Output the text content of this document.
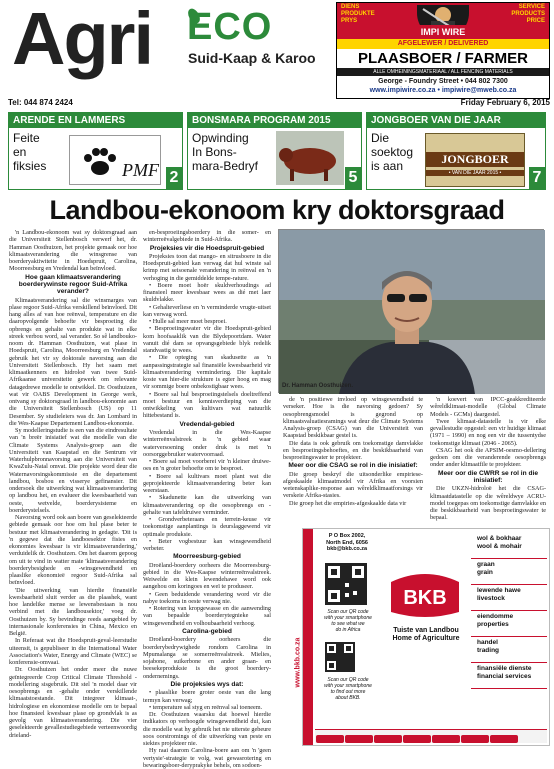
Agri ECO
Suid-Kaap & Karoo
DIENS
PRODUKTE
PRYS
SERVICE
PRODUCTS
PRICE
IMPI WIRE
AFGELEWER / DELIVERED
PLAASBOER / FARMER
ALLE OMHEININGSMATERIAAL / ALL FENCING MATERIALS
George - Foundry Street • 044 802 7300
www.impiwire.co.za • impiwire@mweb.co.za
Tel: 044 874 2424	Friday February 6, 2015
ARENDE EN LAMMERS
Feite
en
fiksies	PMF 2
BONSMARA PROGRAM 2015
Opwinding
In Bons-
mara-Bedryf
5
JONGBOER VAN DIE JAAR
Die
soektog
is aan	JONGBOER
• VAN DIE JAAR 2015 •	7
Landbou-ekonoom kry doktorsgraad

'n Landbou-ekonoom wat sy doktorsgraad aan die Universiteit Stellenbosch verwerf het, dr. Hamman Oosthuizen, het projekte gemaak oor hoe klimaatsverandering die winsgrense van boerderyaktiwiteite in Hoedspruit, Carolina, Moorreesburg en Vredendal kan beïnvloed.

Hoe gaan klimaatsverandering boerderywinste regoor Suid-Afrika verander?

Klimaatsverandering sal die winsmarges van plase regoor Suid-Afrika verskillend beïnvloed. Dit hang alles af van hoe reënval, temperature en die daaropvolgende behoefte vir besproeiing die opbrengs en gehalte van produkte wat in elke streek verbou word, sal verander. So sê landbouko-noom dr. Hamman Oosthuizen, wat plase in Hoedspruit, Carolina, Moorreesburg en Vredendal gebruik het vir sy doktorale navorsing aan die Universiteit Stellenbosch. Hy het saam met klimaatkenners en hidroloë van twee Suid-Afrikaanse universiteite gewerk om relevante datagedrewe modelle te ontwikkel. Dr. Oosthuizen, wat vir OABS Development in George werk, ontvang sy doktorsgraad in landbou-ekonomie aan die Universiteit Stellenbosch (US) op 11 Desember. Sy studieleiers was dr. Jan Lombard in die Wes-Kaapse Departement Landbou-ekonomie.

Sy modelleringstudie is een van die eindresultate van 'n breër inisiatief wat die modelle van die Climate Systems Analysis-groep aan die Universiteit van Kaapstad en die Sentrum vir Waterhulpbronnavorsing aan die Universiteit van KwaZulu-Natal omvat. Die projekte word deur die Waternavorsingskommissie en die departement landbou, bosbou en visserye gefinansier. Dit ondersoek die uitwerking wat klimaatsverandering op landbou het, en evalueer die kwesbaarheid van oeste, wetvelde, boerderysisteme en boerderystelsels.

Navorsing word ook aan boere van geselekteerde gebiede gemaak oor hoe om hul plase beter te bestuur met klimaatverandering in gedagte. 'Dit is 'n gegewe dat die landboesektor fisies en ekonomies kwesbaar is vir klimaatsverandering,' verduidelik dr. Oosthuizen. Om het daarom gepoog om uit te vind in watter mate 'klimaatsverandering boerderybesighede en -winsgewendheid en plaaslike ekonomieë regoor Suid-Afrika sal beïnvloed.

'Die uitwerking van hierdie finansiële kwesbaarheid sluit verder as die plaashek, want hoe landelike mense se lewensbestaan is nou verbind met die landbousektor,' voeg dr. Oosthuizen by. Sy bevindinge reeds aangebied by internasionale konferensies in China, Mexico en België.

In Referaat wat die Hoedspruit-geval-leerstudie uiteensit, is gepubliseer in die International Water Association's Water, Energy and Climate (WEC) se konferensie-omvaai.

Dr. Oosthuizen het onder meer die nuwe geïntegreerde Crop Critical Climate Threshold -modellering sisgebruik. Dit stel 'n model daar vir oesopbrengs en -gehalte onder verskillende klimaatstoestande. Dit integreer klimaat-, hidrologiese en ekonomiese modelle om te bepaal hoe finansieel kwesbaar plase op grondvlak is as gevolg van klimaatsverandering. Die vier geselekteerde gevallestudiegebiede verteenwoordig drieland-

en-besproeiingsboerdery in die somer- en winterreëvalgebiede in Suid-Afrika.

Projeksies vir die Hoedspruit-gebied

Projeksies toon dat mango- en sitrusboere in die Hoedspruit-gebied kan verwag dat hul winste sal krimp met seisoenale verandering in reënval en 'n verhoging in die gemiddelde tempe-rature.

• Boere moet hoër skuldverhoudings ad finansieel meer kwesbaar wees as dié met laer skuldvlakke.

• Gehalteverliese en 'n verminderde vrugte-uitset kan verwag word.

• Hulle sal meer moet besproei.

• Besproeiingswater vir die Hoedspruit-gebied kom hoofsaaklik van die Blydepoortdam. Water vanuit dié dam se opvangsgebiede blyk redelik standvastig te wees.

• Die opteging van skadusette as 'n aanpassingstrategie sal finansiële kwesbaarheid vir klimaatverandering vermindering. Die kapitale koste van hier-die strukture is egter hoog en mag vir sommige boere onbekostigbaar wees.

• Boere sal hul besproeiingstelsels doeltreffend moet bestuur en kennisverdieping van die ontwikkeling van kultivars wat natuurlik hittebestand is.

Vredendal-gebied

Vredendal in die Wes-Kaapse winterreënvalstreek is 'n gebied waar waterversoening onder druk is met 'n oorsorggebruiker watervoorraad.

• Boere sal moet voorberei vir 'n kleiner druiwe-oes en 'n groter behoefte om te besproei.

• Boere sal kultivars moet plant wat die geprojekteerde klimaatverandering beter kan weerstaan.

• Skadunette kan die uitwerking van klimaatsverandering op die oesopbrengs en -gehalte van tafeldruiwe verminder.

• Grondverbeteraars en terrein-keuse vir toekomstige aanplantings is deurslaggewend vir optimale produksie.

• Beter vogbestuur kan winsgewendheid verbeter.

Moorreesburg-gebied

Droëland-boerdery oorheers die Moorreesburg-gebied in die Wes-Kaapse winterreënvalstreek. Weiwelde en klein lewendehawe word ook aangehou om koringoes en weï te produseer.

• Geen beduidende verandering word vir die nabye toekoms in oeste verwag nie.

• Rotering van kropgewasse en die aanwending van bepaalde boerderytegnieke sal winsgewendheid en volhoubaarheid verhoog.

Carolina-gebied

Droëland-boerdery oorheers die boerderybedrywighede rondom Carolina in Mpumalanga se somerreënvalstreek. Mielies, sojabone, suikerbone en ander graan- en beesekeproduksie is die groot boerdery-ondernemings.

Die projeksies wys dat:

• plaaslike boere groter oeste van die lang termyn kan verwag;

• temperature sal styg en reënval sal toeneem.

Dr. Oosthuizen waarsku dat hoewel hierdie indikators op verhoogde winsgewendheid dui, kan die modelle wat hy gebruik het nie uiterste gebeure soos oorstromings of die uitwerking van peste en siektes projekteer nie.

Hy raai daarom Carolina-boere aan om 'n 'geen vertysie'-strategie te volg, wat gewasrotering en bewaringsboer-deryprakyke behels, om sodoen-

Dr. Hamman Oosthuizen.

de 'n positiewe invloed op winsgewendheid te verseker. Hoe is die navorsing gedoen? Sy oesopbrengsmodel is gegrond op klimaatsvaluatiesramings wat deur die Climate Systems Analysis-groep (CSAG) van die Universiteit van Kaapstad beskikbaar gestel is.

Die data is ook gebruik om toekomstige damvlakke en besproeiingsbehoeftes, en die beskikbaarheid van besproeiingswater te projekteer.

Meer oor die CSAG se rol in die inisiatief:

Die groep beskryf die uitsonderlike empiriese-afgeskaalde klimaatmodel vir Afrika en voorsien wetenskaplike-response aan wêreldklimaatforsings vir verskeie Afrika-stasies.

Die groep het die empiries-afgeskaalde data vir

'n koevert van IPCC-geakkrediteerde wêreldklimaat-modelle (Global Climate Models - GCMs) daargestel.

Twee klimaat-datastelle is vir elke gevallestudie opgestel: een vir huidige klimaat (1971 – 1990) en nog een vir die tussentydse toekomstige klimaat (2046 - 2065).

CSAG het ook die APSIM-oesmo-dellering gedoen om die veranderende oesopbrengs onder ander klimaatfile te projekteer.

Meer oor die CWRR se rol in die inisiatief:

Die UKZN-hidroloë het die CSAG-klimaatdatastelle op die wêreldwye ACRU-model toegepas om toekomstige damvlakke en die beskikbaarheid van besproeiingswater te bepaal.

www.bkb.co.za
P O Box 2002,
North End, 6056
bkb@bkb.co.za
Scan our QR code
with your smartphone
to see what we
do in Africa
Scan our QR code
with your smartphone
to find out more
about BKB.
BKB
Tuiste van Landbou
Home of Agriculture
wol & bokhaar
wool & mohair
graan
grain
lewende hawe
livestock
eiendomme
properties
handel
trading
finansiële dienste
financial services
